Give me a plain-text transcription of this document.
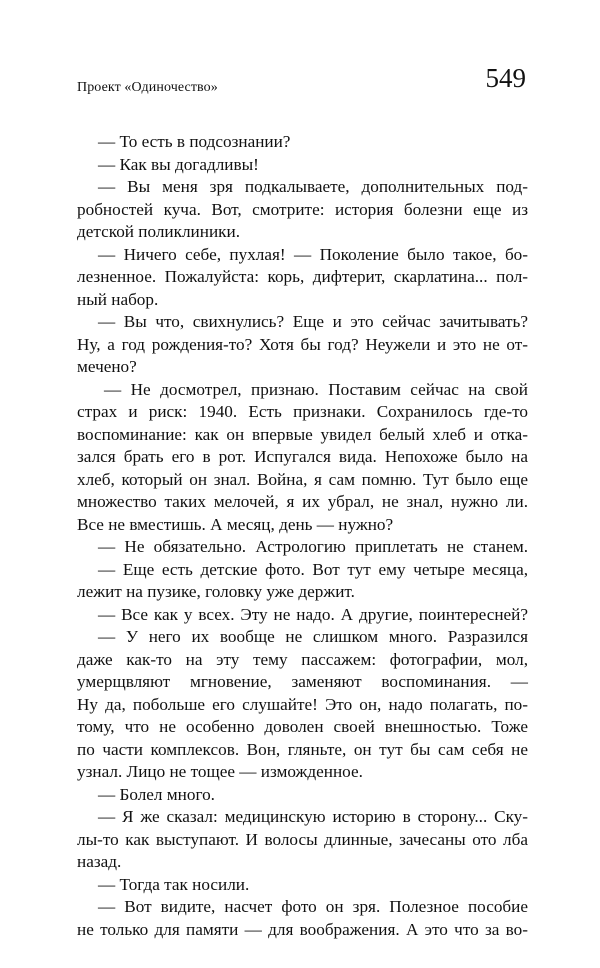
Проект «Одиночество»	549
— То есть в подсознании?
— Как вы догадливы!
— Вы меня зря подкалываете, дополнительных под-
робностей куча. Вот, смотрите: история болезни еще из
детской поликлиники.
— Ничего себе, пухлая! — Поколение было такое, бо-
лезненное. Пожалуйста: корь, дифтерит, скарлатина... пол-
ный набор.
— Вы что, свихнулись? Еще и это сейчас зачитывать?
Ну, а год рождения-то? Хотя бы год? Неужели и это не от-
мечено?
— Не досмотрел, признаю. Поставим сейчас на свой
страх и риск: 1940. Есть признаки. Сохранилось где-то
воспоминание: как он впервые увидел белый хлеб и отка-
зался брать его в рот. Испугался вида. Непохоже было на
хлеб, который он знал. Война, я сам помню. Тут было еще
множество таких мелочей, я их убрал, не знал, нужно ли.
Все не вместишь. А месяц, день — нужно?
— Не обязательно. Астрологию приплетать не станем.
— Еще есть детские фото. Вот тут ему четыре месяца,
лежит на пузике, головку уже держит.
— Все как у всех. Эту не надо. А другие, поинтересней?
— У него их вообще не слишком много. Разразился
даже как-то на эту тему пассажем: фотографии, мол,
умерщвляют мгновение, заменяют воспоминания. —
Ну да, побольше его слушайте! Это он, надо полагать, по-
тому, что не особенно доволен своей внешностью. Тоже
по части комплексов. Вон, гляньте, он тут бы сам себя не
узнал. Лицо не тощее — изможденное.
— Болел много.
— Я же сказал: медицинскую историю в сторону... Ску-
лы-то как выступают. И волосы длинные, зачесаны ото лба
назад.
— Тогда так носили.
— Вот видите, насчет фото он зря. Полезное пособие
не только для памяти — для воображения. А это что за во-
